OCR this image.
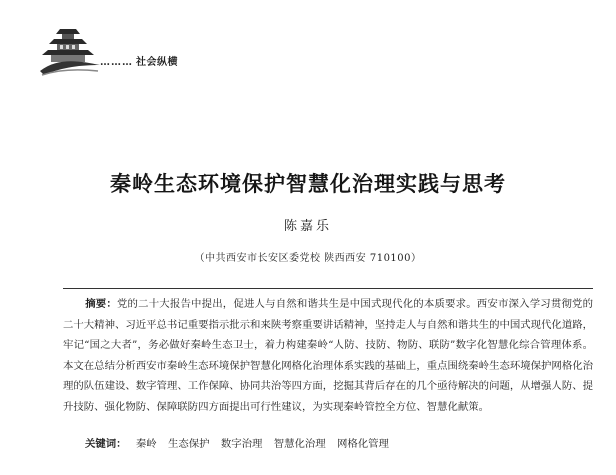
……… 社会纵横
秦岭生态环境保护智慧化治理实践与思考
陈嘉乐
（中共西安市长安区委党校 陕西西安 710100）
摘要：党的二十大报告中提出，促进人与自然和谐共生是中国式现代化的本质要求。西安市深入学习贯彻党的二十大精神、习近平总书记重要指示批示和来陕考察重要讲话精神，坚持走人与自然和谐共生的中国式现代化道路，牢记“国之大者”，务必做好秦岭生态卫士，着力构建秦岭“人防、技防、物防、联防”数字化智慧化综合管理体系。本文在总结分析西安市秦岭生态环境保护智慧化网格化治理体系实践的基础上，重点围绕秦岭生态环境保护网格化治理的队伍建设、数字管理、工作保障、协同共治等四方面，挖掘其背后存在的几个亟待解决的问题，从增强人防、提升技防、强化物防、保障联防四方面提出可行性建议，为实现秦岭管控全方位、智慧化献策。
关键词： 秦岭 生态保护 数字治理 智慧化治理 网格化管理
